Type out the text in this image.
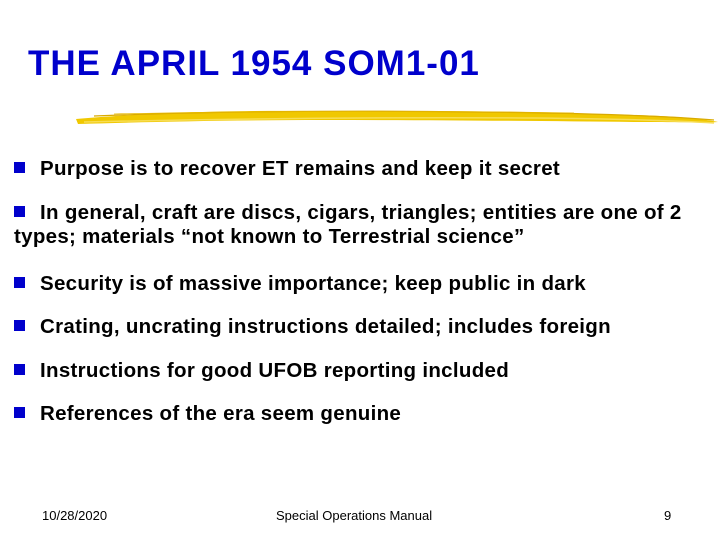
THE APRIL 1954 SOM1-01
Purpose is to recover ET remains and keep it secret
In general, craft are discs, cigars, triangles; entities are one of 2 types; materials “not known to Terrestrial science”
Security is of massive importance; keep public in dark
Crating, uncrating instructions detailed; includes foreign
Instructions for good UFOB reporting included
References of the era seem genuine
10/28/2020	Special Operations Manual	9
